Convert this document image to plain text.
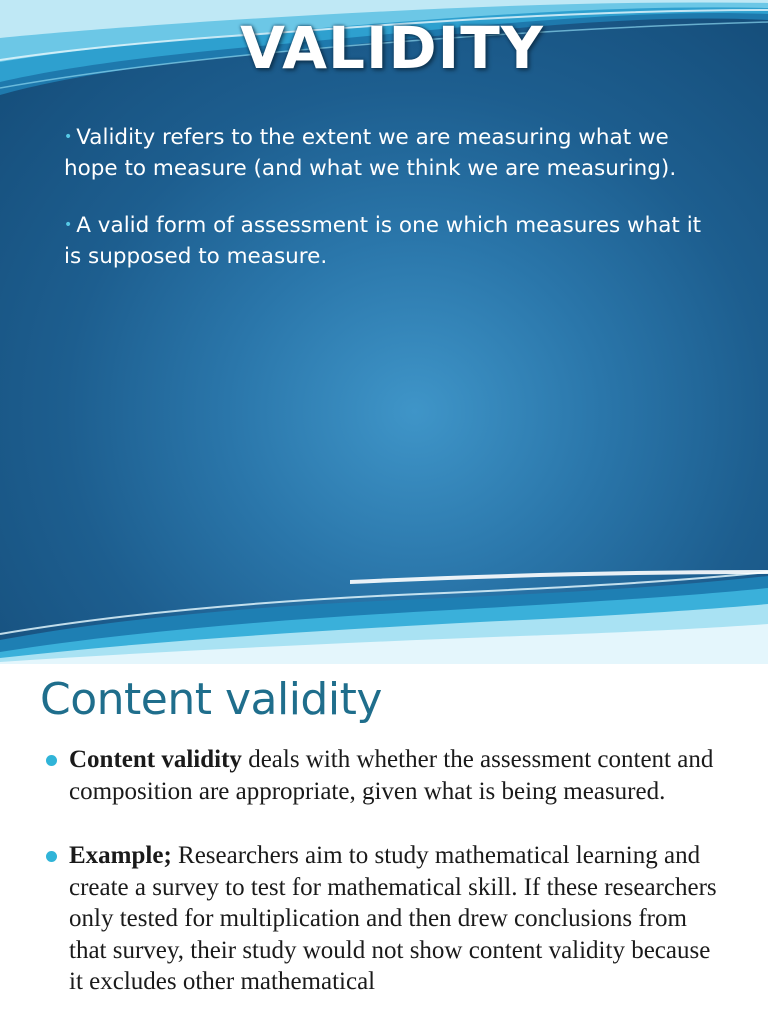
VALIDITY
• Validity refers to the extent we are measuring what we hope to measure (and what we think we are measuring).
• A valid form of assessment is one which measures what it is supposed to measure.
Content validity
Content validity deals with whether the assessment content and composition are appropriate, given what is being measured.
Example; Researchers aim to study mathematical learning and create a survey to test for mathematical skill. If these researchers only tested for multiplication and then drew conclusions from that survey, their study would not show content validity because it excludes other mathematical
